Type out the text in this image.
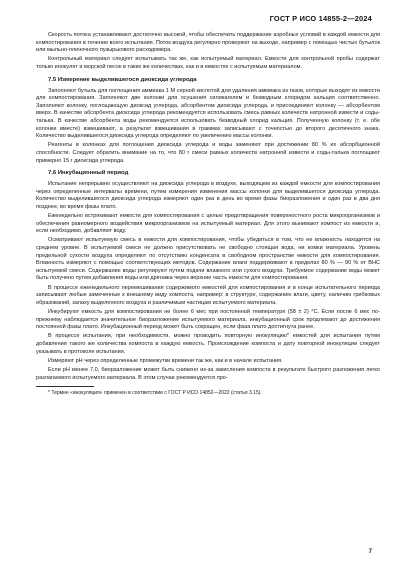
ГОСТ Р ИСО 14855-2—2024

Скорость потока устанавливают достаточно высокой, чтобы обеспечить поддержание аэробных условий в каждой емкости для компостирования в течение всего испытания. Поток воздуха регулярно проверяют на выходе, например с помощью чистых бутылок или мыльно-пленочного пузырькового расходомера.

Контрольный материал следует испытывать так же, как испытуемый материал. Емкости для контрольной пробы содержат только инокулят и морской песок в таких же количествах, как и в емкостях с испытуемым материалом.

7.5 Измерение выделившегося диоксида углерода

Заполняют бутыль для поглощения аммиака 1 М серной кислотой для удаления аммиака из газов, которые выходят из емкости для компостирования. Заполняют две колонки для осушения силикагелем и безводным хлоридом кальция соответственно. Заполняют колонку, поглощающую диоксид углерода, абсорбентом диоксида углерода, и присоединяют колонку — абсорбентом вверх. В качестве абсорбента диоксида углерода рекомендуется использовать смесь равных количеств натронной извести и соды-талька. В качестве абсорбента воды рекомендуется использовать безводный хлорид кальция. Полученную колонку (т. е. обе колонки вместе) взвешивают, а результат взвешивания в граммах записывают с точностью до второго десятичного знака. Количество выделившегося диоксида углерода определяют по увеличению массы колонки.

Реагенты в колонках для поглощения диоксида углерода и воды заменяют при достижении 80 % их абсорбционной способности. Следует обратить внимание на то, что 80 г смеси равных количеств натронной извести и соды-талька поглощают примерно 15 г диоксида углерода.

7.6 Инкубационный период

Испытание непрерывно осуществляют на диоксида углерода в воздухе, выходящем из каждой емкости для компостирования через определенные интервалы времени, путем измерения изменения массы колонки для выделившегося диоксида углерода. Количество выделившегося диоксида углерода измеряют один раз в день во время фазы биоразложения и один раз в два дня позднее, во время фазы плато.

Еженедельно встряхивают емкости для компостирования с целью предотвращения поверхностного роста микроорганизмов и обеспечения равномерного воздействия микроорганизмов на испытуемый материал. Для этого вынимают компост из емкости и, если необходимо, добавляют воду.

Осматривают испытуемую смесь в емкости для компостирования, чтобы убедиться в том, что ее влажность находится на среднем уровне. В испытуемой смеси не должно присутствовать не свободно стоящая вода, ни комки материала. Уровень предельной сухости воздуха определяют по отсутствию конденсата в свободном пространстве емкости для компостирования. Влажность измеряют с помощью соответствующих методов. Содержание влаги поддерживают в пределах 80 % — 90 % от ВНС испытуемой смеси. Содержание воды регулируют путем подачи влажного или сухого воздуха. Требуемое содержание воды может быть получено путем добавления воды или дренажа через верхние часть емкости для компостирования.

В процессе еженедельного перемешивания содержимого емкостей для компостирования и в конце испытательного периода записывают любые замеченные к внешнему виду компоста, например: в структуре, содержанию влаги, цвету, наличию грибковых образований, запаху выделенного воздуха и различимым частицам испытуемого материала.

Инкубируют емкость для компостирования не более 6 мес при постоянной температуре (58 ± 2) °С. Если после 6 мес по-прежнему наблюдается значительное биоразложение испытуемого материала, инкубационный срок продлевают до достижения постоянной фазы плато. Инкубационный период может быть сокращен, если фаза плато достигнута ранее.

В процессе испытания, при необходимости, можно проводить повторную инокуляцию* емкостей для испытания путем добавления такого же количества компоста в каждую емкость. Происхождение компоста и дату повторной инокуляции следует указывать в протоколе испытания.

Измеряют pH через определенные промежутки времени так же, как и в начале испытания.

Если pH менее 7,0, биоразложение может быть снижено из-за закисления компоста в результате быстрого разложения легко разлагаемого испытуемого материала. В этом случае рекомендуется про-

* Термин «инокуляция» применен в соответствии с ГОСТ Р ИСО 14852—2022 (статья 3.15).

7
